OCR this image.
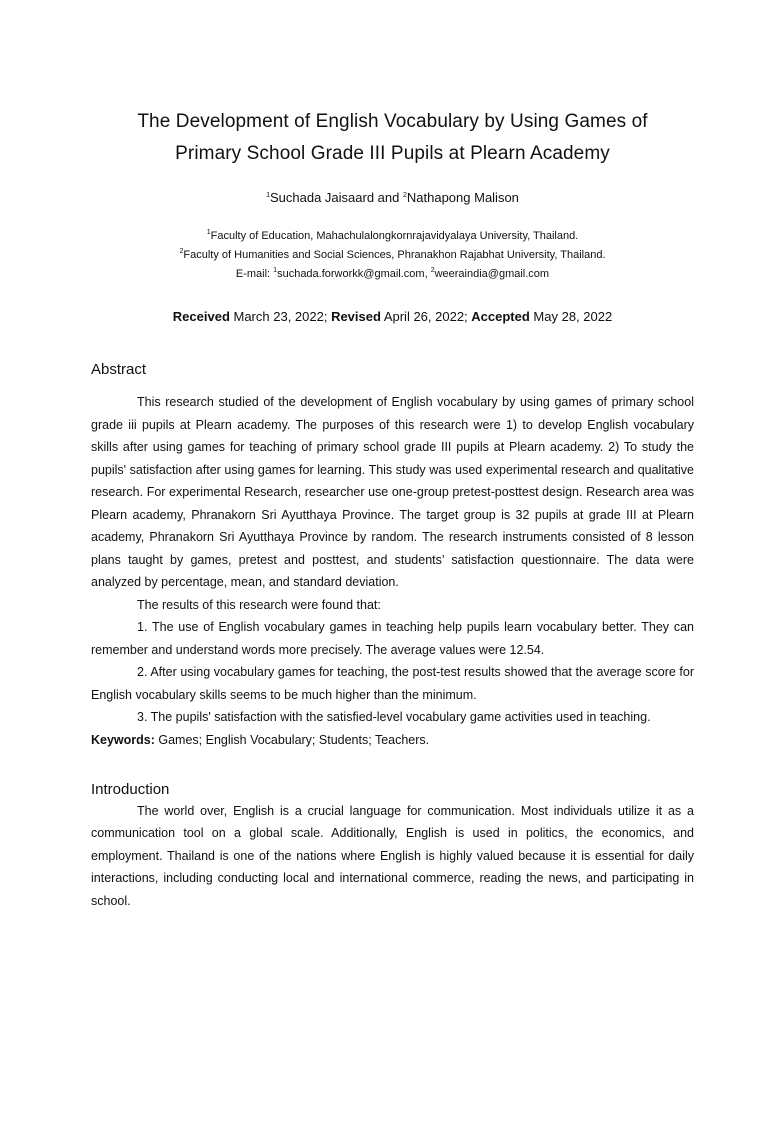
The Development of English Vocabulary by Using Games of
Primary School Grade III Pupils at Plearn Academy
$^1$Suchada Jaisaard and $^2$Nathapong Malison
$^1$Faculty of Education, Mahachulalongkornrajavidyalaya University, Thailand.
$^2$Faculty of Humanities and Social Sciences, Phranakhon Rajabhat University, Thailand.
E-mail: $^1$suchada.forworkk@gmail.com, $^2$weeraindia@gmail.com
Received March 23, 2022; Revised April 26, 2022; Accepted May 28, 2022
Abstract

This research studied of the development of English vocabulary by using games of primary school grade iii pupils at Plearn academy. The purposes of this research were 1) to develop English vocabulary skills after using games for teaching of primary school grade III pupils at Plearn academy. 2) To study the pupils' satisfaction after using games for learning. This study was used experimental research and qualitative research. For experimental Research, researcher use one-group pretest-posttest design. Research area was Plearn academy, Phranakorn Sri Ayutthaya Province. The target group is 32 pupils at grade III at Plearn academy, Phranakorn Sri Ayutthaya Province by random. The research instruments consisted of 8 lesson plans taught by games, pretest and posttest, and students’ satisfaction questionnaire. The data were analyzed by percentage, mean, and standard deviation.

The results of this research were found that:

1. The use of English vocabulary games in teaching help pupils learn vocabulary better. They can remember and understand words more precisely. The average values were 12.54.

2. After using vocabulary games for teaching, the post-test results showed that the average score for English vocabulary skills seems to be much higher than the minimum.

3. The pupils' satisfaction with the satisfied-level vocabulary game activities used in teaching.

Keywords: Games; English Vocabulary; Students; Teachers.

Introduction

The world over, English is a crucial language for communication. Most individuals utilize it as a communication tool on a global scale. Additionally, English is used in politics, the economics, and employment. Thailand is one of the nations where English is highly valued because it is essential for daily interactions, including conducting local and international commerce, reading the news, and participating in school.
